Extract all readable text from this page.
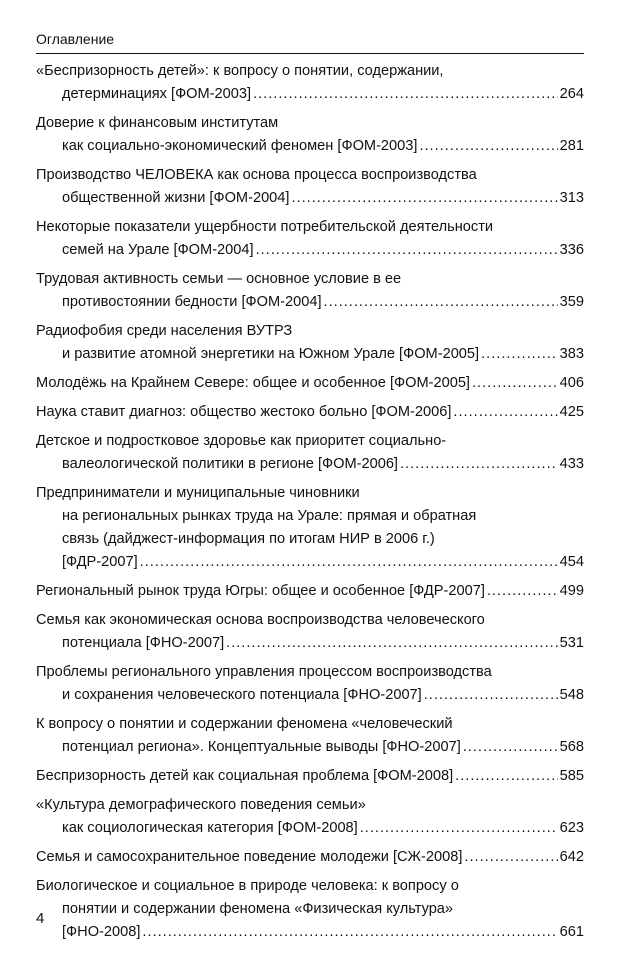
Оглавление
«Беспризорность детей»: к вопросу о понятии, содержании,
детерминациях [ФОМ-2003] .....	264
Доверие к финансовым институтам
как социально-экономический феномен [ФОМ-2003] .....	281
Производство ЧЕЛОВЕКА как основа процесса воспроизводства
общественной жизни [ФОМ-2004] .....	313
Некоторые показатели ущербности потребительской деятельности
семей на Урале [ФОМ-2004] .....	336
Трудовая активность семьи — основное условие в ее
противостоянии бедности [ФОМ-2004] .....	359
Радиофобия среди населения ВУТРЗ
и развитие атомной энергетики на Южном Урале [ФОМ-2005] .....	383
Молодёжь на Крайнем Севере: общее и особенное [ФОМ-2005] .....	406
Наука ставит диагноз: общество жестоко больно [ФОМ-2006] .....	425
Детское и подростковое здоровье как приоритет социально-
валеологической политики в регионе [ФОМ-2006] .....	433
Предприниматели и муниципальные чиновники
на региональных рынках труда на Урале: прямая и обратная
связь (дайджест-информация по итогам НИР в 2006 г.)
[ФДР-2007] .....	454
Региональный рынок труда Югры: общее и особенное [ФДР-2007] .....	499
Семья как экономическая основа воспроизводства человеческого
потенциала [ФНО-2007] .....	531
Проблемы регионального управления процессом воспроизводства
и сохранения человеческого потенциала [ФНО-2007] .....	548
К вопросу о понятии и содержании феномена «человеческий
потенциал региона». Концептуальные выводы [ФНО-2007] .....	568
Беспризорность детей как социальная проблема [ФОМ-2008] .....	585
«Культура демографического поведения семьи»
как социологическая категория [ФОМ-2008] .....	623
Семья и самосохранительное поведение молодежи [СЖ-2008] .....	642
Биологическое и социальное в природе человека: к вопросу о
понятии и содержании феномена «Физическая культура»
[ФНО-2008] .....	661
4
